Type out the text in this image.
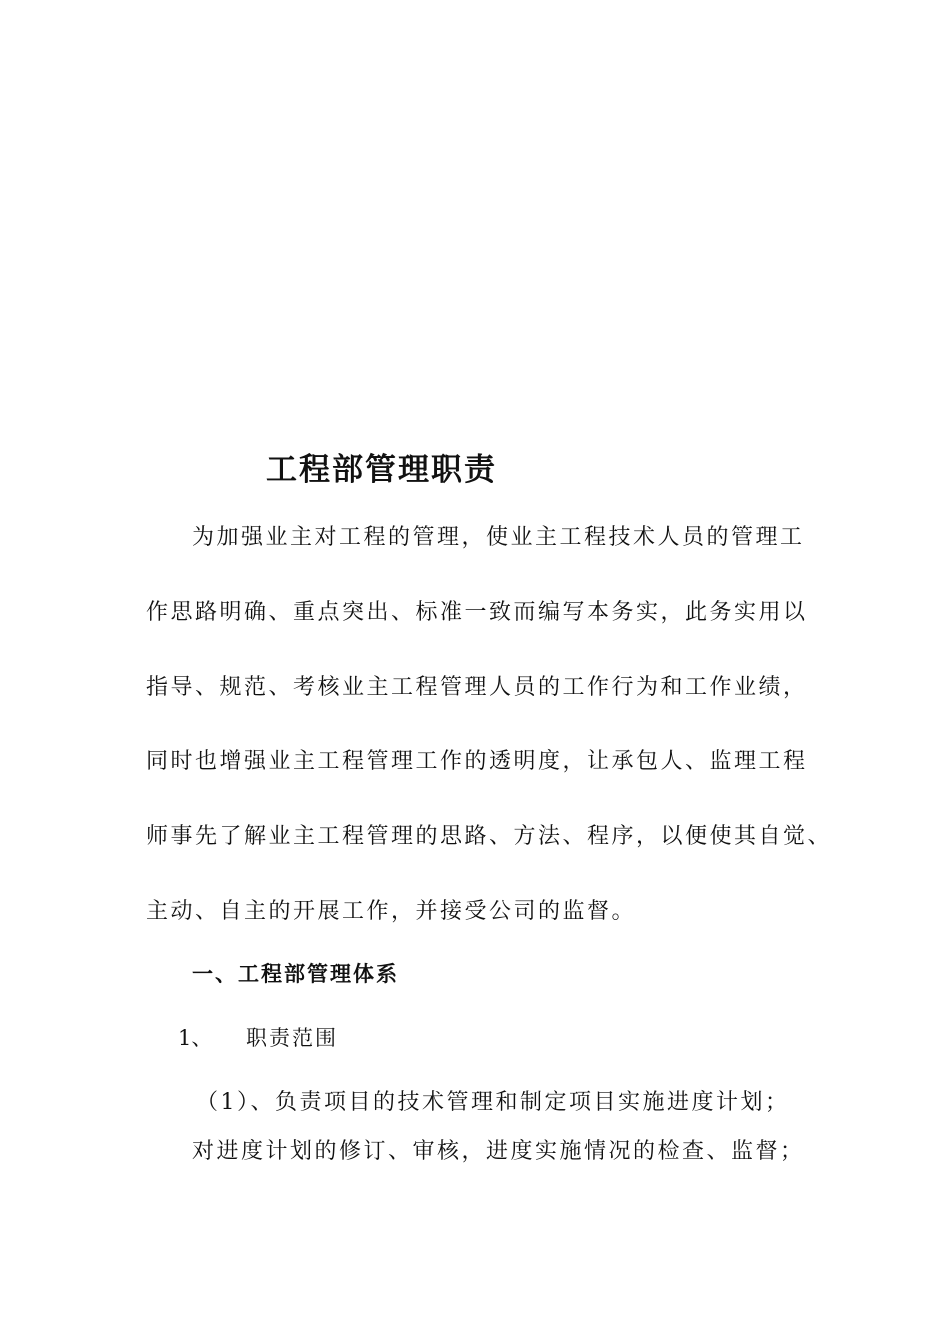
工程部管理职责
为加强业主对工程的管理，使业主工程技术人员的管理工
作思路明确、重点突出、标准一致而编写本务实，此务实用以
指导、规范、考核业主工程管理人员的工作行为和工作业绩，
同时也增强业主工程管理工作的透明度，让承包人、监理工程
师事先了解业主工程管理的思路、方法、程序，以便使其自觉、
主动、自主的开展工作，并接受公司的监督。
一、工程部管理体系
1、 职责范围
（1）、负责项目的技术管理和制定项目实施进度计划；
对进度计划的修订、审核，进度实施情况的检查、监督；
